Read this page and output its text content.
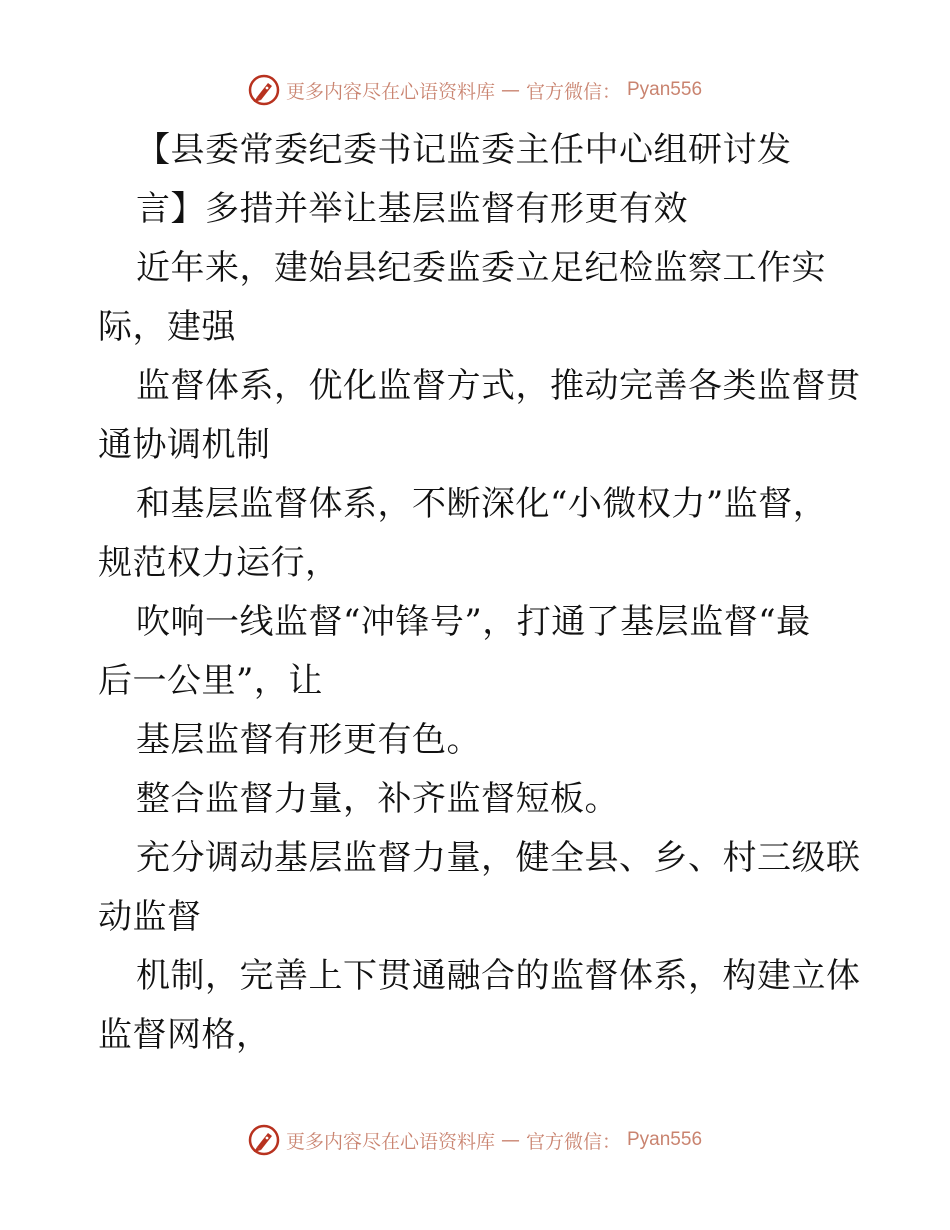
更多内容尽在心语资料库 — 官方微信： Pyan556
【县委常委纪委书记监委主任中心组研讨发
言】多措并举让基层监督有形更有效
近年来，建始县纪委监委立足纪检监察工作实
际，建强
监督体系，优化监督方式，推动完善各类监督贯
通协调机制
和基层监督体系，不断深化“小微权力”监督，
规范权力运行，
吹响一线监督“冲锋号”，打通了基层监督“最
后一公里”，让
基层监督有形更有色。
整合监督力量，补齐监督短板。
充分调动基层监督力量，健全县、乡、村三级联
动监督
机制，完善上下贯通融合的监督体系，构建立体
监督网格，
更多内容尽在心语资料库 — 官方微信： Pyan556
